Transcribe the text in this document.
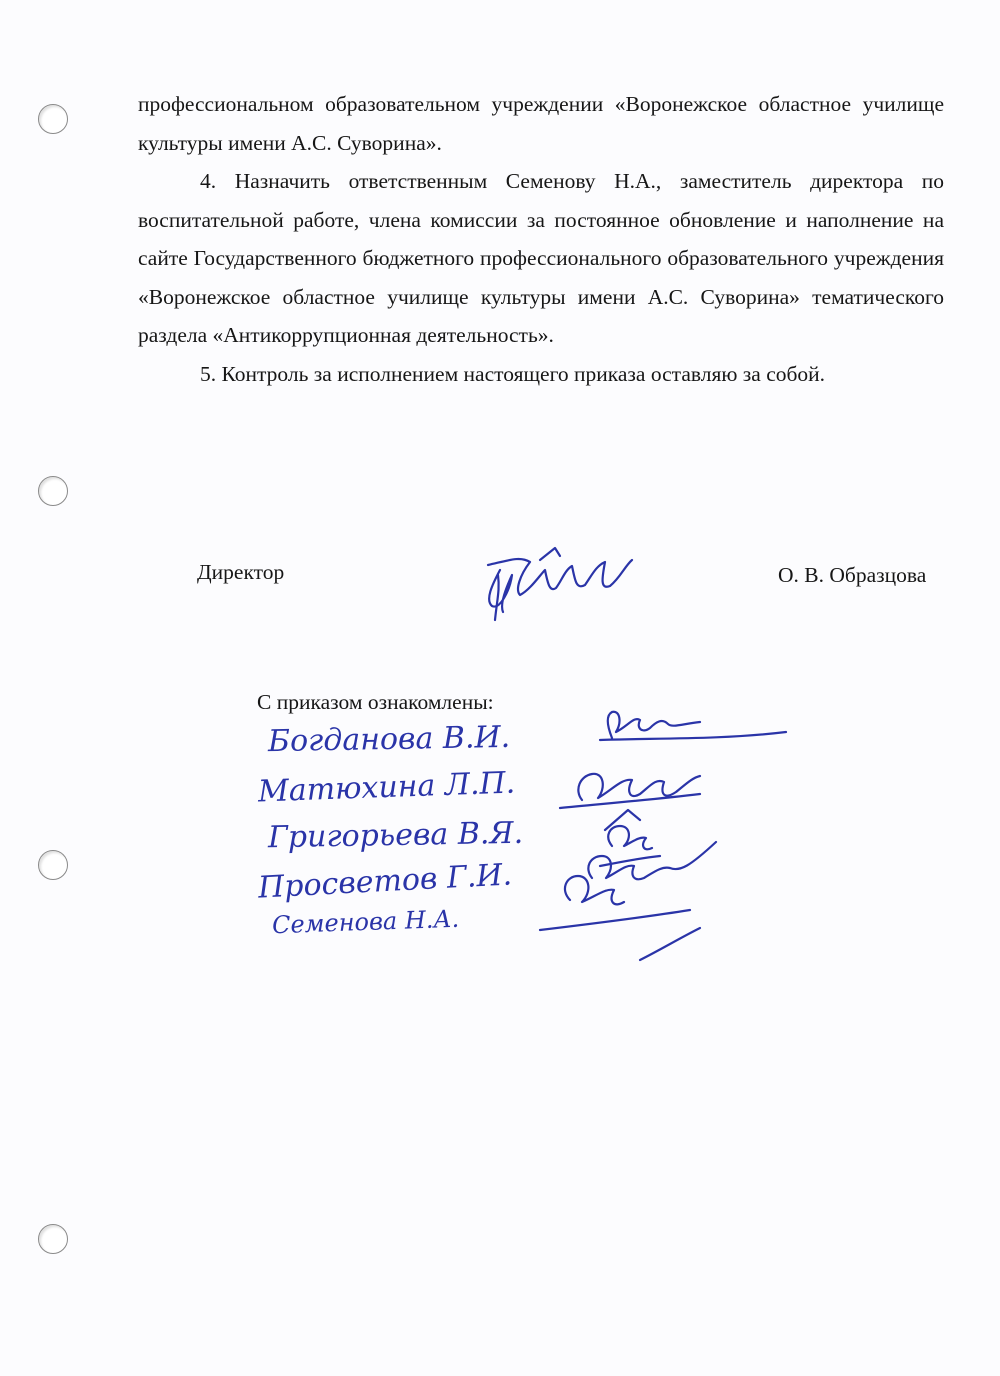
профессиональном образовательном учреждении «Воронежское областное училище культуры имени А.С. Суворина».

4. Назначить ответственным Семенову Н.А., заместитель директора по воспитательной работе, члена комиссии за постоянное обновление и наполнение на сайте Государственного бюджетного профессионального образовательного учреждения «Воронежское областное училище культуры имени А.С. Суворина» тематического раздела «Антикоррупционная деятельность».

5. Контроль за исполнением настоящего приказа оставляю за собой.

Директор	О. В. Образцова
С приказом ознакомлены:
Богданова В.И.
Матюхина Л.П.
Григорьева В.Я.
Просветов Г.И.
Семенова Н.А.
